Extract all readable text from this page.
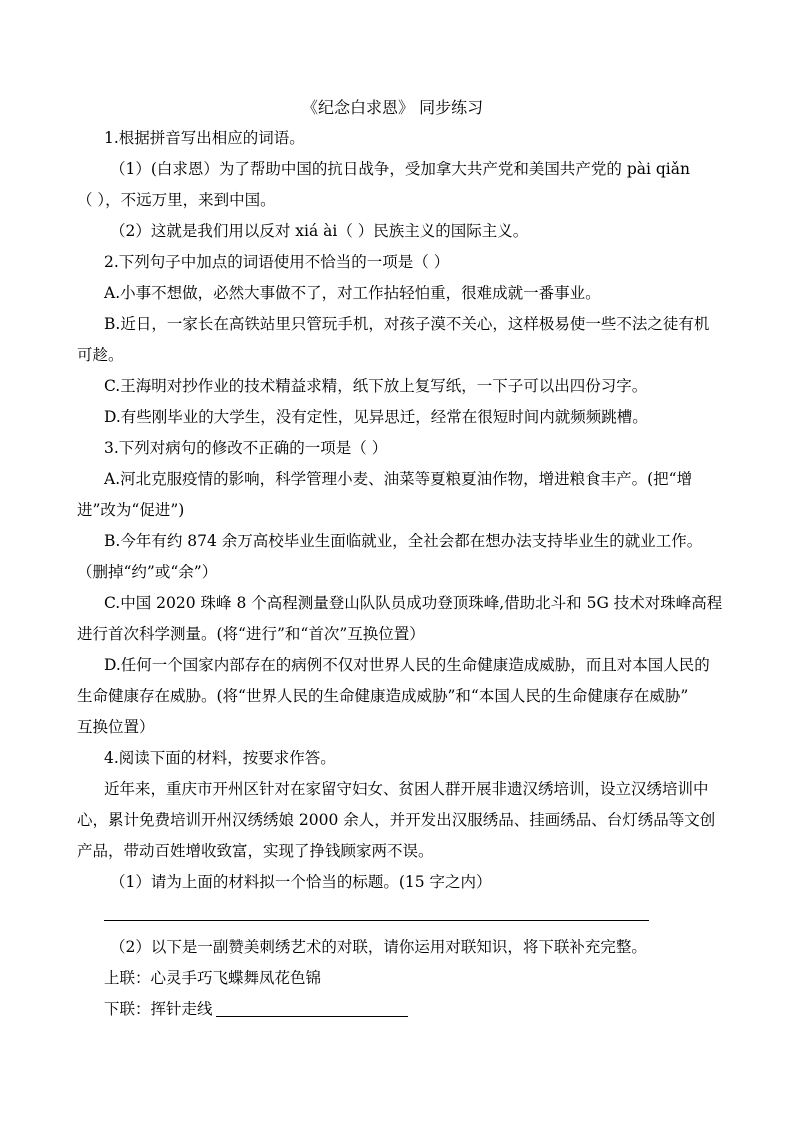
《纪念白求恩》 同步练习
1.根据拼音写出相应的词语。
（1）(白求恩）为了帮助中国的抗日战争，受加拿大共产党和美国共产党的 pài qiǎn
（ ），不远万里，来到中国。
（2）这就是我们用以反对 xiá ài（ ）民族主义的国际主义。
2.下列句子中加点的词语使用不恰当的一项是（ ）
A.小事不想做，必然大事做不了，对工作拈轻怕重，很难成就一番事业。
B.近日，一家长在高铁站里只管玩手机，对孩子漠不关心，这样极易使一些不法之徒有机
可趁。
C.王海明对抄作业的技术精益求精，纸下放上复写纸，一下子可以出四份习字。
D.有些刚毕业的大学生，没有定性，见异思迁，经常在很短时间内就频频跳槽。
3.下列对病句的修改不正确的一项是（ ）
A.河北克服疫情的影响，科学管理小麦、油菜等夏粮夏油作物，增进粮食丰产。(把“增
进”改为“促进”)
B.今年有约 874 余万高校毕业生面临就业，全社会都在想办法支持毕业生的就业工作。
（删掉“约”或“余”）
C.中国 2020 珠峰 8 个高程测量登山队队员成功登顶珠峰,借助北斗和 5G 技术对珠峰高程
进行首次科学测量。(将“进行”和“首次”互换位置）
D.任何一个国家内部存在的病例不仅对世界人民的生命健康造成威胁，而且对本国人民的
生命健康存在威胁。(将“世界人民的生命健康造成威胁”和“本国人民的生命健康存在威胁”
互换位置）
4.阅读下面的材料，按要求作答。
近年来，重庆市开州区针对在家留守妇女、贫困人群开展非遗汉绣培训，设立汉绣培训中
心，累计免费培训开州汉绣绣娘 2000 余人，并开发出汉服绣品、挂画绣品、台灯绣品等文创
产品，带动百姓增收致富，实现了挣钱顾家两不误。
（1）请为上面的材料拟一个恰当的标题。(15 字之内）
（2）以下是一副赞美刺绣艺术的对联，请你运用对联知识，将下联补充完整。
上联：心灵手巧飞蝶舞凤花色锦
下联：挥针走线
